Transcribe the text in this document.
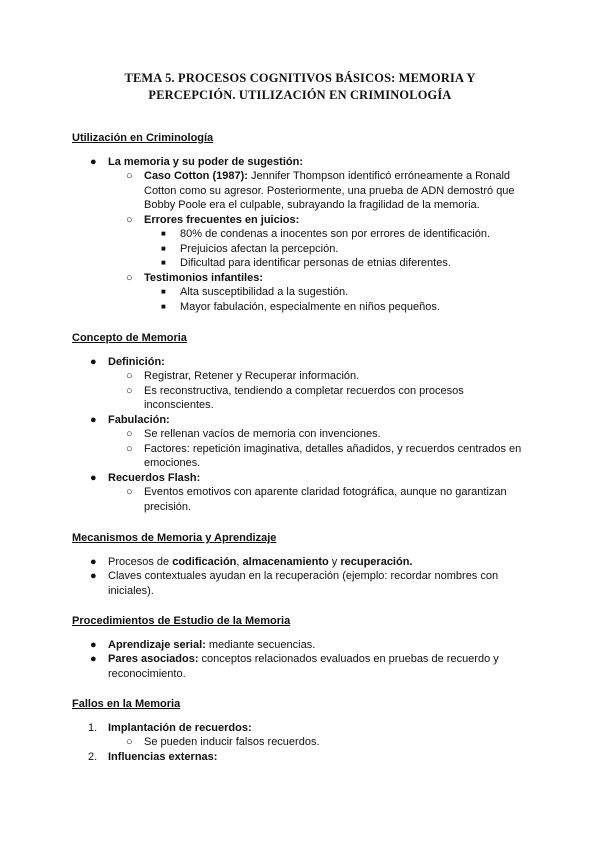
TEMA 5. PROCESOS COGNITIVOS BÁSICOS: MEMORIA Y
PERCEPCIÓN. UTILIZACIÓN EN CRIMINOLOGÍA
Utilización en Criminología
● La memoria y su poder de sugestión:
○ Caso Cotton (1987): Jennifer Thompson identificó erróneamente a Ronald
Cotton como su agresor. Posteriormente, una prueba de ADN demostró que
Bobby Poole era el culpable, subrayando la fragilidad de la memoria.
○ Errores frecuentes en juicios:
■ 80% de condenas a inocentes son por errores de identificación.
■ Prejuicios afectan la percepción.
■ Dificultad para identificar personas de etnias diferentes.
○ Testimonios infantiles:
■ Alta susceptibilidad a la sugestión.
■ Mayor fabulación, especialmente en niños pequeños.
Concepto de Memoria
● Definición:
○ Registrar, Retener y Recuperar información.
○ Es reconstructiva, tendiendo a completar recuerdos con procesos
inconscientes.
● Fabulación:
○ Se rellenan vacíos de memoria con invenciones.
○ Factores: repetición imaginativa, detalles añadidos, y recuerdos centrados en
emociones.
● Recuerdos Flash:
○ Eventos emotivos con aparente claridad fotográfica, aunque no garantizan
precisión.
Mecanismos de Memoria y Aprendizaje
● Procesos de codificación, almacenamiento y recuperación.
● Claves contextuales ayudan en la recuperación (ejemplo: recordar nombres con
iniciales).
Procedimientos de Estudio de la Memoria
● Aprendizaje serial: mediante secuencias.
● Pares asociados: conceptos relacionados evaluados en pruebas de recuerdo y
reconocimiento.
Fallos en la Memoria
1. Implantación de recuerdos:
○ Se pueden inducir falsos recuerdos.
2. Influencias externas:
